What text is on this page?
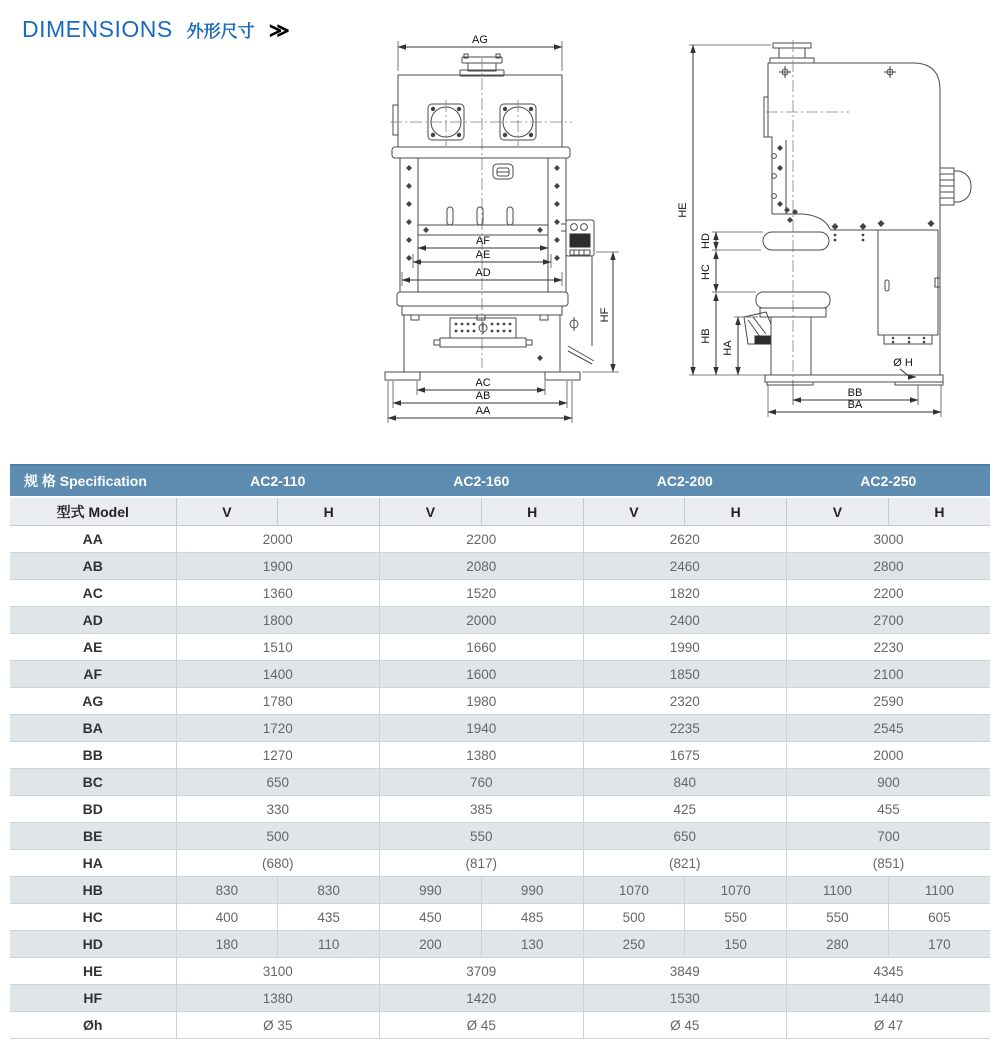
DIMENSIONS 外形尺寸 ≫	AG
AF
AE
AD
AC
AB
AA
HF
HE
HD
HC
HB
HA
BB
BA
Ø H
规 格 Specification	AC2-110		AC2-160		AC2-200		AC2-250	
型式 Model	V	H	V	H	V	H	V	H
AA	2000		2200		2620		3000	
AB	1900		2080		2460		2800	
AC	1360		1520		1820		2200	
AD	1800		2000		2400		2700	
AE	1510		1660		1990		2230	
AF	1400		1600		1850		2100	
AG	1780		1980		2320		2590	
BA	1720		1940		2235		2545	
BB	1270		1380		1675		2000	
BC	650		760		840		900	
BD	330		385		425		455	
BE	500		550		650		700	
HA	(680)		(817)		(821)		(851)	
HB	830	830	990	990	1070	1070	1100	1100
HC	400	435	450	485	500	550	550	605
HD	180	110	200	130	250	150	280	170
HE	3100		3709		3849		4345	
HF	1380		1420		1530		1440	
Øh	Ø 35		Ø 45		Ø 45		Ø 47	
